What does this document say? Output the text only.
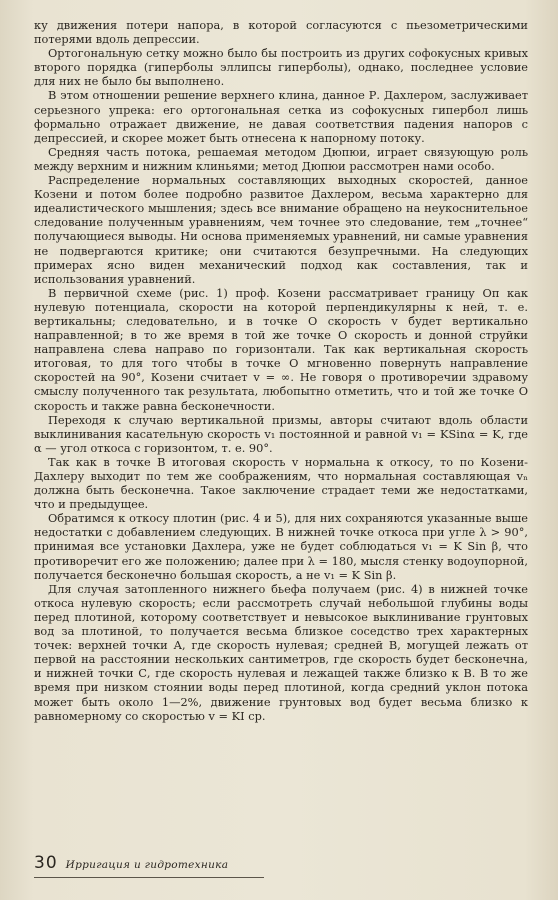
ку движения потери напора, в которой согласуются с пьезометрическими потерями вдоль депрессии.

Ортогональную сетку можно было бы построить из других софокусных кривых второго порядка (гиперболы эллипсы гиперболы), однако, последнее условие для них не было бы выполнено.

В этом отношении решение верхнего клина, данное Р. Дахлером, заслуживает серьезного упрека: его ортогональная сетка из софокусных гипербол лишь формально отражает движение, не давая соответствия падения напоров с депрессией, и скорее может быть отнесена к напорному потоку.

Средняя часть потока, решаемая методом Дюпюи, играет связующую роль между верхним и нижним клиньями; метод Дюпюи рассмотрен нами особо.

Распределение нормальных составляющих выходных скоростей, данное Козени и потом более подробно развитое Дахлером, весьма характерно для идеалистического мышления; здесь все внимание обращено на неукоснительное следование полученным уравнениям, чем точнее это следование, тем „точнее“ получающиеся выводы. Ни основа применяемых уравнений, ни самые уравнения не подвергаются критике; они считаются безупречными. На следующих примерах ясно виден механический подход как составления, так и использования уравнений.

В первичной схеме (рис. 1) проф. Козени рассматривает границу Оп как нулевую потенциала, скорости на которой перпендикулярны к ней, т. е. вертикальны; следовательно, и в точке О скорость v будет вертикально направленной; в то же время в той же точке О скорость и донной струйки направлена слева направо по горизонтали. Так как вертикальная скорость итоговая, то для того чтобы в точке О мгновенно повернуть направление скоростей на 90°, Козени считает v = ∞. Не говоря о противоречии здравому смыслу полученного так результата, любопытно отметить, что и той же точке О скорость и также равна бесконечности.

Переходя к случаю вертикальной призмы, авторы считают вдоль области выклинивания касательную скорость v₁ постоянной и равной v₁ = KSinα = K, где α — угол откоса с горизонтом, т. е. 90°.

Так как в точке В итоговая скорость v нормальна к откосу, то по Козени-Дахлеру выходит по тем же соображениям, что нормальная составляющая vₙ должна быть бесконечна. Такое заключение страдает теми же недостатками, что и предыдущее.

Обратимся к откосу плотин (рис. 4 и 5), для них сохраняются указанные выше недостатки с добавлением следующих. В нижней точке откоса при угле λ > 90°, принимая все установки Дахлера, уже не будет соблюдаться v₁ = K Sin β, что противоречит его же положению; далее при λ = 180, мысля стенку водоупорной, получается бесконечно большая скорость, а не v₁ = K Sin β.

Для случая затопленного нижнего бьефа получаем (рис. 4) в нижней точке откоса нулевую скорость; если рассмотреть случай небольшой глубины воды перед плотиной, которому соответствует и невысокое выклинивание грунтовых вод за плотиной, то получается весьма близкое соседство трех характерных точек: верхней точки А, где скорость нулевая; средней В, могущей лежать от первой на расстоянии нескольких сантиметров, где скорость будет бесконечна, и нижней точки С, где скорость нулевая и лежащей также близко к В. В то же время при низком стоянии воды перед плотиной, когда средний уклон потока может быть около 1—2%, движение грунтовых вод будет весьма близко к равномерному со скоростью v = KI ср.

30 Ирригация и гидротехника
